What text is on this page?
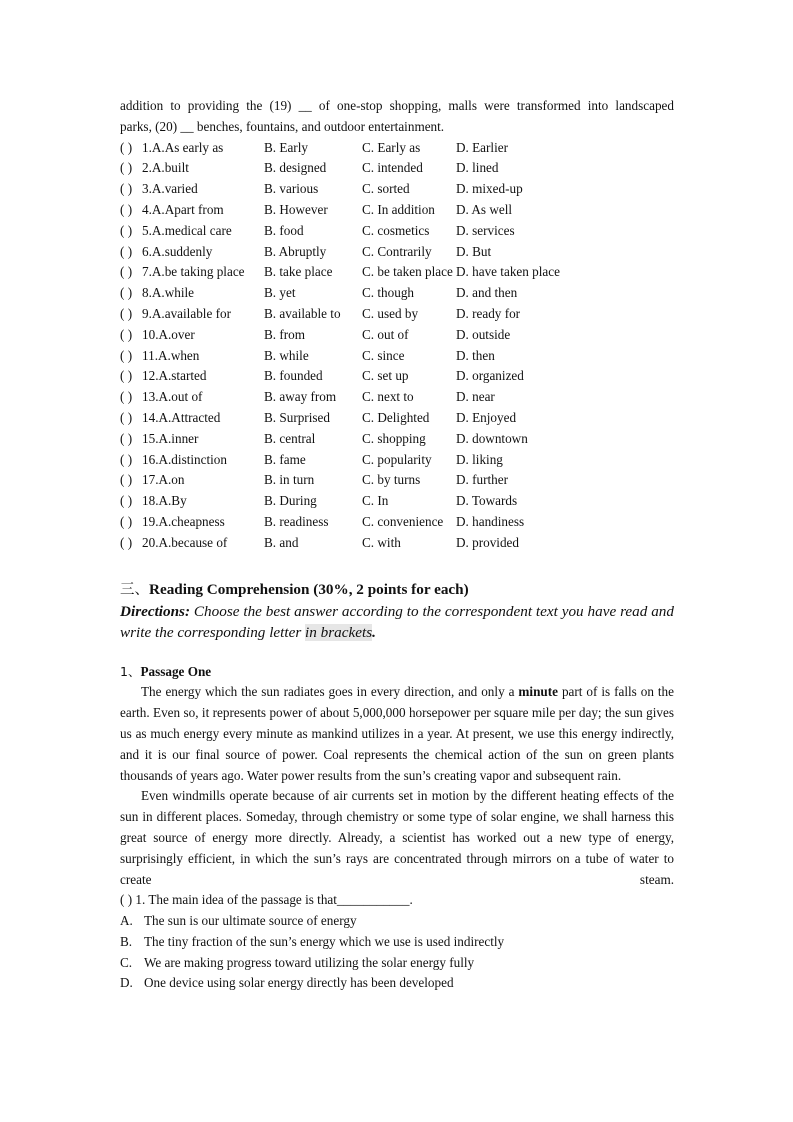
addition to providing the (19) __ of one-stop shopping, malls were transformed into landscaped

parks, (20) __ benches, fountains, and outdoor entertainment.

( ) 1.A.As early as	B. Early	C. Early as	D. Earlier
( ) 2.A.built	B. designed	C. intended	D. lined
( ) 3.A.varied	B. various	C. sorted	D. mixed-up
( ) 4.A.Apart from	B. However	C. In addition D. As well
( ) 5.A.medical care B. food	C. cosmetics D. services
( ) 6.A.suddenly	B. Abruptly	C. Contrarily D. But
( ) 7.A.be taking place B. take place C. be taken place D. have taken place
( ) 8.A.while	B. yet	C. though	D. and then
( ) 9.A.available for	B. available to C. used by	D. ready for
( ) 10.A.over	B. from	C. out of	D. outside
( ) 11.A.when	B. while	C. since	D. then
( ) 12.A.started	B. founded	C. set up	D. organized
( ) 13.A.out of	B. away from C. next to	D. near
( ) 14.A.Attracted	B. Surprised C. Delighted D. Enjoyed
( ) 15.A.inner	B. central	C. shopping D. downtown
( ) 16.A.distinction	B. fame	C. popularity D. liking
( ) 17.A.on	B. in turn	C. by turns	D. further
( ) 18.A.By	B. During	C. In	D. Towards
( ) 19.A.cheapness	B. readiness	C. convenience D. handiness
( ) 20.A.because of	B. and	C. with	D. provided
三、Reading Comprehension (30%, 2 points for each)

Directions: Choose the best answer according to the correspondent text you have read and write the corresponding letter in brackets.

1、Passage One

The energy which the sun radiates goes in every direction, and only a minute part of is falls on the earth. Even so, it represents power of about 5,000,000 horsepower per square mile per day; the sun gives us as much energy every minute as mankind utilizes in a year. At present, we use this energy indirectly, and it is our final source of power. Coal represents the chemical action of the sun on green plants thousands of years ago. Water power results from the sun’s creating vapor and subsequent rain.

Even windmills operate because of air currents set in motion by the different heating effects of the sun in different places. Someday, through chemistry or some type of solar engine, we shall harness this great source of energy more directly. Already, a scientist has worked out a new type of energy, surprisingly efficient, in which the sun’s rays are concentrated through mirrors on a tube of water to create steam.

( ) 1. The main idea of the passage is that___________.
A. The sun is our ultimate source of energy
B. The tiny fraction of the sun’s energy which we use is used indirectly
C. We are making progress toward utilizing the solar energy fully
D. One device using solar energy directly has been developed
